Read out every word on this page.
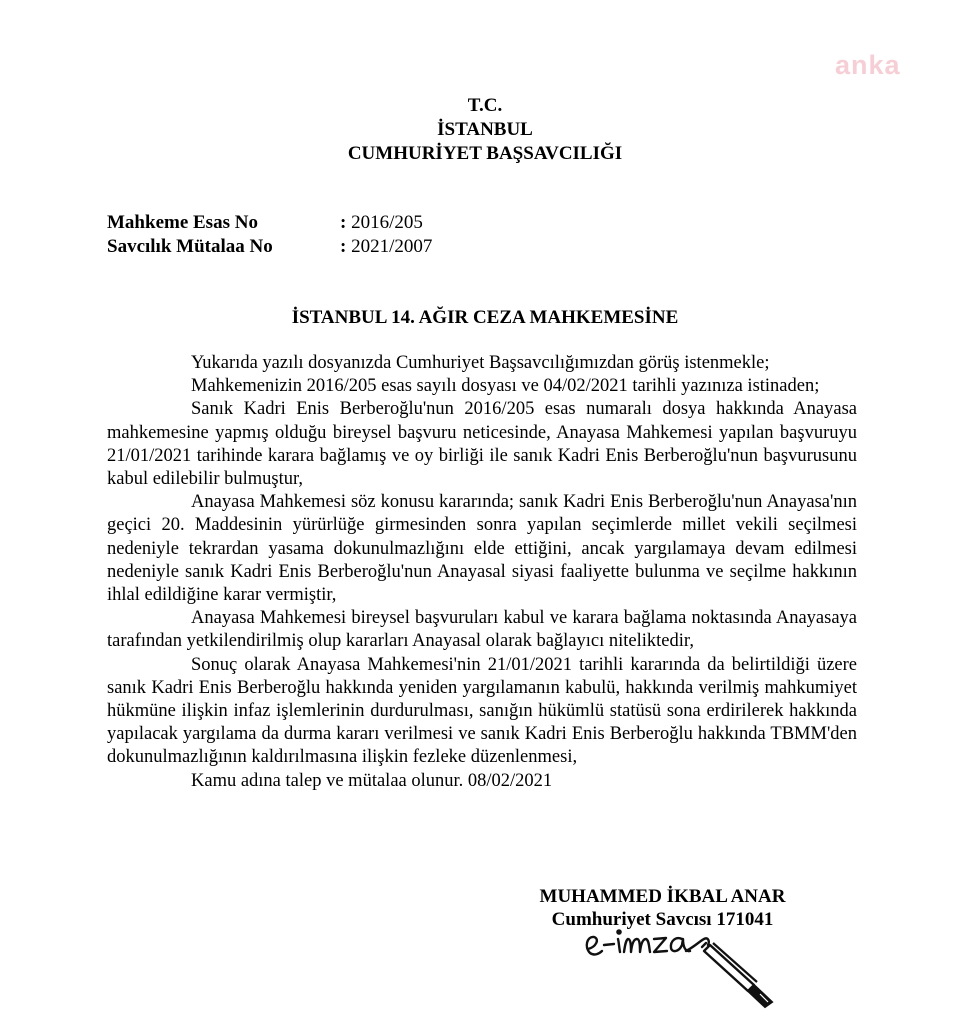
anka
T.C.
İSTANBUL
CUMHURİYET BAŞSAVCILIĞI
Mahkeme Esas No	: 2016/205
Savcılık Mütalaa No	: 2021/2007
İSTANBUL 14. AĞIR CEZA MAHKEMESİNE

Yukarıda yazılı dosyanızda Cumhuriyet Başsavcılığımızdan görüş istenmekle;

Mahkemenizin 2016/205 esas sayılı dosyası ve 04/02/2021 tarihli yazınıza istinaden;

Sanık Kadri Enis Berberoğlu'nun 2016/205 esas numaralı dosya hakkında Anayasa mahkemesine yapmış olduğu bireysel başvuru neticesinde, Anayasa Mahkemesi yapılan başvuruyu 21/01/2021 tarihinde karara bağlamış ve oy birliği ile sanık Kadri Enis Berberoğlu'nun başvurusunu kabul edilebilir bulmuştur,

Anayasa Mahkemesi söz konusu kararında; sanık Kadri Enis Berberoğlu'nun Anayasa'nın geçici 20. Maddesinin yürürlüğe girmesinden sonra yapılan seçimlerde millet vekili seçilmesi nedeniyle tekrardan yasama dokunulmazlığını elde ettiğini, ancak yargılamaya devam edilmesi nedeniyle sanık Kadri Enis Berberoğlu'nun Anayasal siyasi faaliyette bulunma ve seçilme hakkının ihlal edildiğine karar vermiştir,

Anayasa Mahkemesi bireysel başvuruları kabul ve karara bağlama noktasında Anayasaya tarafından yetkilendirilmiş olup kararları Anayasal olarak bağlayıcı niteliktedir,

Sonuç olarak Anayasa Mahkemesi'nin 21/01/2021 tarihli kararında da belirtildiği üzere sanık Kadri Enis Berberoğlu hakkında yeniden yargılamanın kabulü, hakkında verilmiş mahkumiyet hükmüne ilişkin infaz işlemlerinin durdurulması, sanığın hükümlü statüsü sona erdirilerek hakkında yapılacak yargılama da durma kararı verilmesi ve sanık Kadri Enis Berberoğlu hakkında TBMM'den dokunulmazlığının kaldırılmasına ilişkin fezleke düzenlenmesi,

Kamu adına talep ve mütalaa olunur. 08/02/2021

MUHAMMED İKBAL ANAR
Cumhuriyet Savcısı 171041
